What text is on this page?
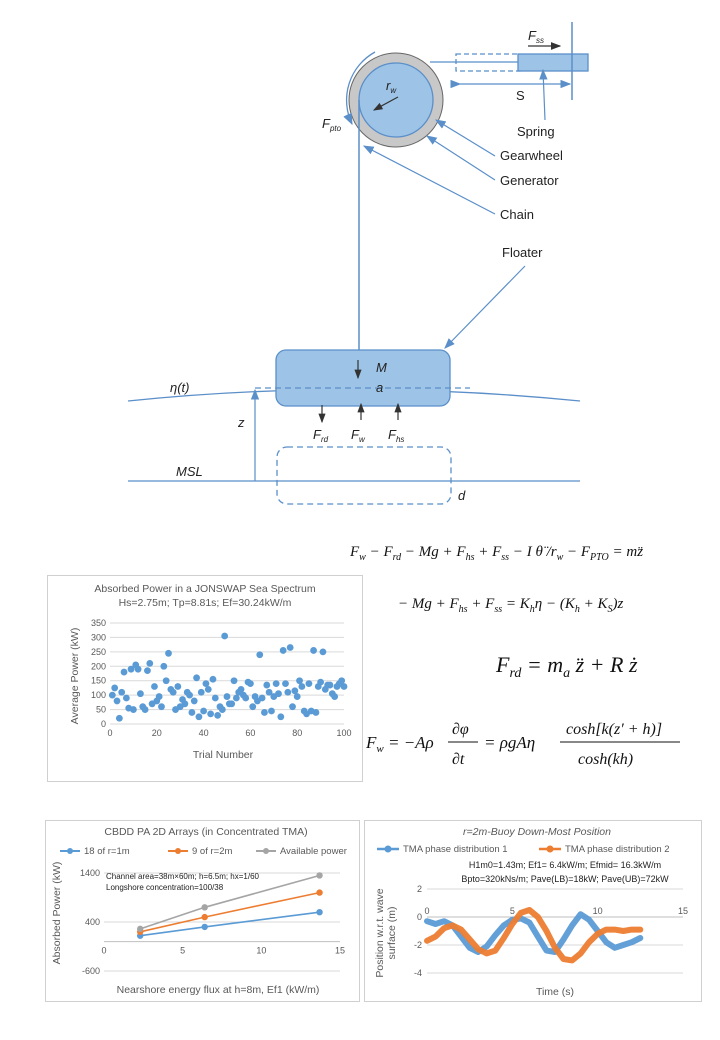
$F_{ss}$
S
$r_w$
$F_{pto}$	Spring
Gearwheel
Generator
Chain
Floater
M
a
$F_{rd}$ $F_w$ $F_{hs}$
η(t)
z
MSL
d
$F_w - F_{rd} - Mg + F_{hs} + F_{ss} - I$ θ̈ $/r_w - F_{PTO}$ = mz̈
− $Mg + F_{hs} + F_{ss} = K_h\eta - (K_h + K_S)z$
$F_{rd} = m_a$ z̈ + R ż
$F_w = -A\rho$
∂φ
∂t
= ρgAη
cosh[k(z′ + h)]
cosh(kh)
Absorbed Power in a JONSWAP Sea Spectrum
Hs=2.75m; Tp=8.81s; Ef=30.24kW/m
Trial Number
Average Power (kW) 0
50
100
150
200
250
300
350
0	20	40	60	80	100
CBDD PA 2D Arrays (in Concentrated TMA)
18 of r=1m	9 of r=2m	Available power
-600
400
1400
0	5	10	15
Channel area=38m×60m; h=6.5m; hx=1/60
Longshore concentration=100/38
Nearshore energy flux at h=8m, Ef1 (kW/m)
Absorbed Power (kW)
r=2m-Buoy Down-Most Position
TMA phase distribution 1	TMA phase distribution 2
H1m0=1.43m; Ef1= 6.4kW/m; Efmid= 16.3kW/m
Bpto=320kNs/m; Pave(LB)=18kW; Pave(UB)=72kW
-4
-2
0
2
0	5	10	15
Time (s)
Position w.r.t. wave surface (m)
